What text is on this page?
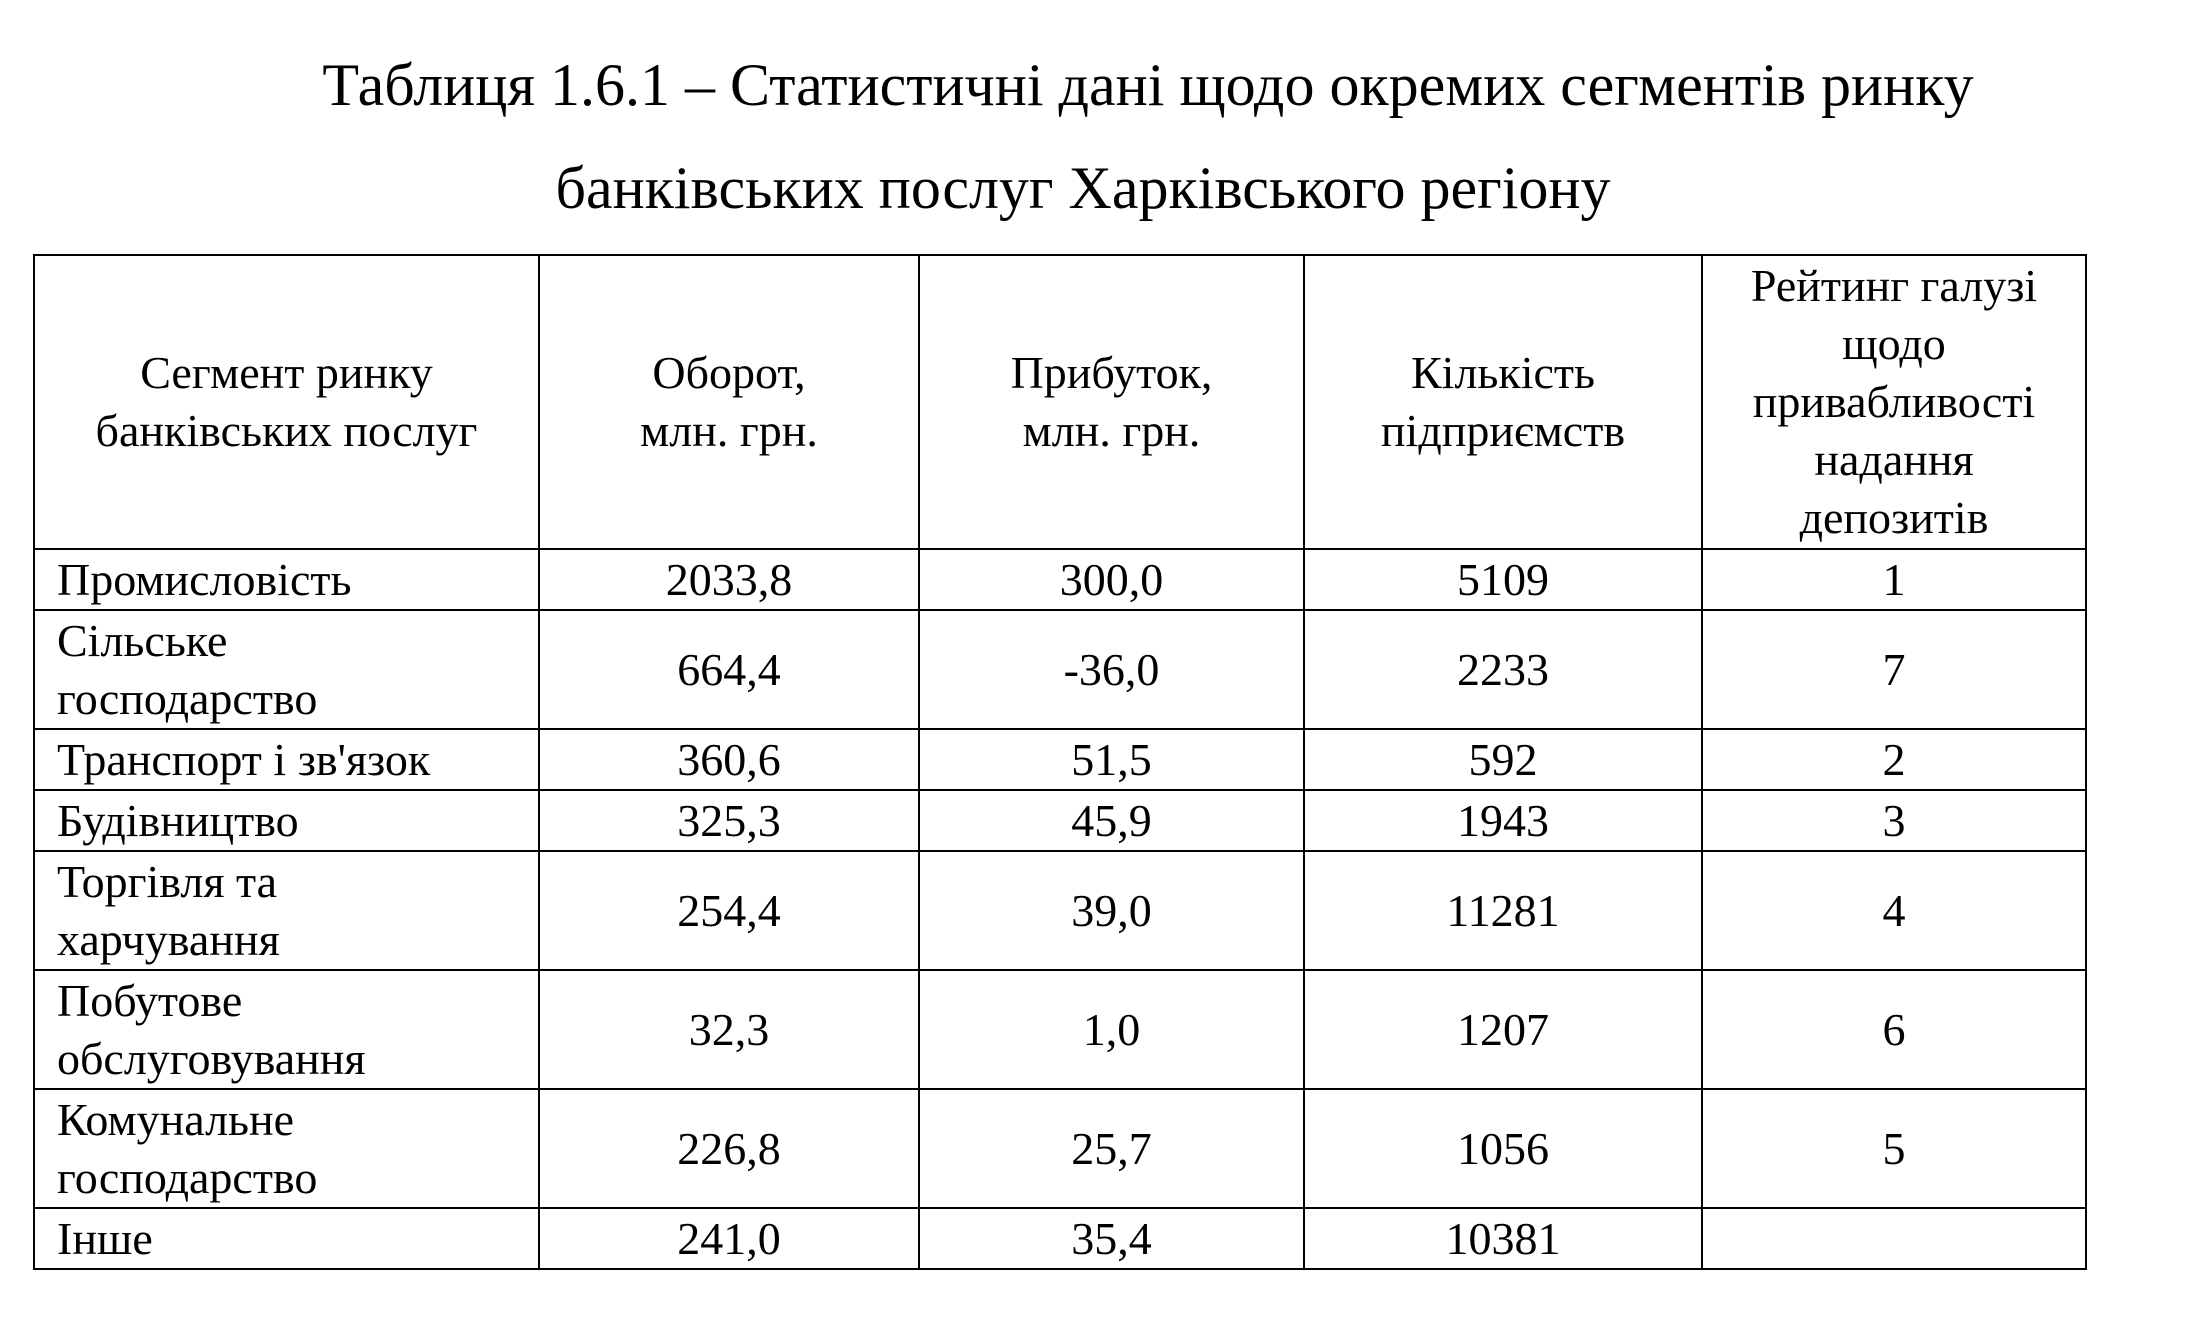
Таблиця 1.6.1 – Статистичні дані щодо окремих сегментів ринку
банківських послуг Харківського регіону
Сегмент ринку банківських послуг	Оборот, млн. грн.	Прибуток, млн. грн.	Кількість підприємств	Рейтинг галузі щодо привабливості надання депозитів
Промисловість	2033,8	300,0	5109	1
Сільське господарство	664,4	-36,0	2233	7
Транспорт і зв'язок	360,6	51,5	592	2
Будівництво	325,3	45,9	1943	3
Торгівля та харчування	254,4	39,0	11281	4
Побутове обслуговування	32,3	1,0	1207	6
Комунальне господарство	226,8	25,7	1056	5
Інше	241,0	35,4	10381	
